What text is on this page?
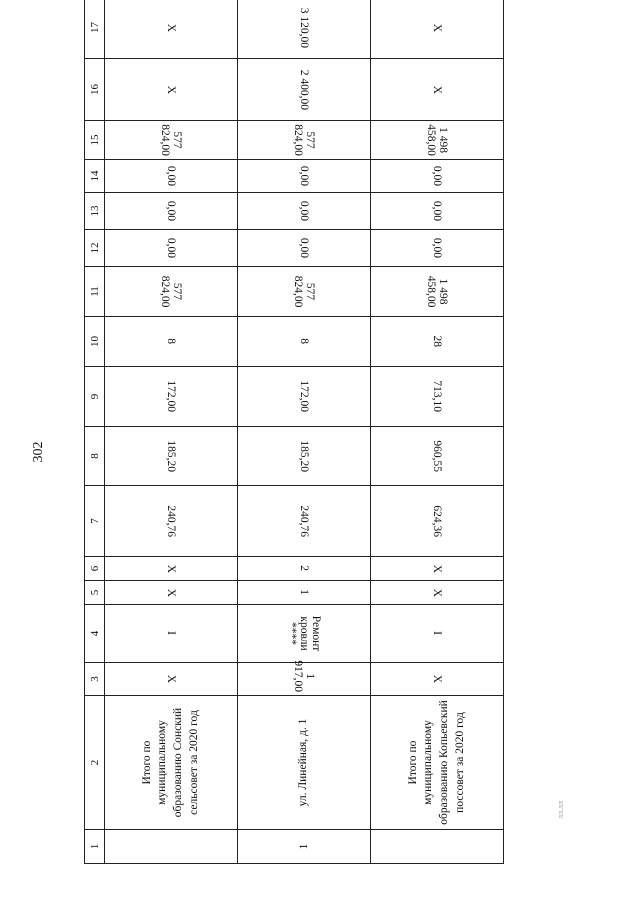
302
лл.лл
1	2	3	4	5	6	7	8	9	10	11	12	13	14	15	16	17	
	Итого по муниципальному образованию Сонский сельсовет за 2020 год	Х	I	Х	Х	240,76	185,20	172,00	8	577 824,00	0,00	0,00	0,00	577 824,00	Х	Х	
1	ул. Линейная, д. 1	1 917,00	Ремонт кровли ****	1	2	240,76	185,20	172,00	8	577 824,00	0,00	0,00	0,00	577 824,00	2 400,00	3 120,00	
	Итого по муниципальному образованию Копьевский поссовет за 2020 год	Х	I	Х	Х	624,36	960,55	713,10	28	1 498 458,00	0,00	0,00	0,00	1 498 458,00	Х	Х	
